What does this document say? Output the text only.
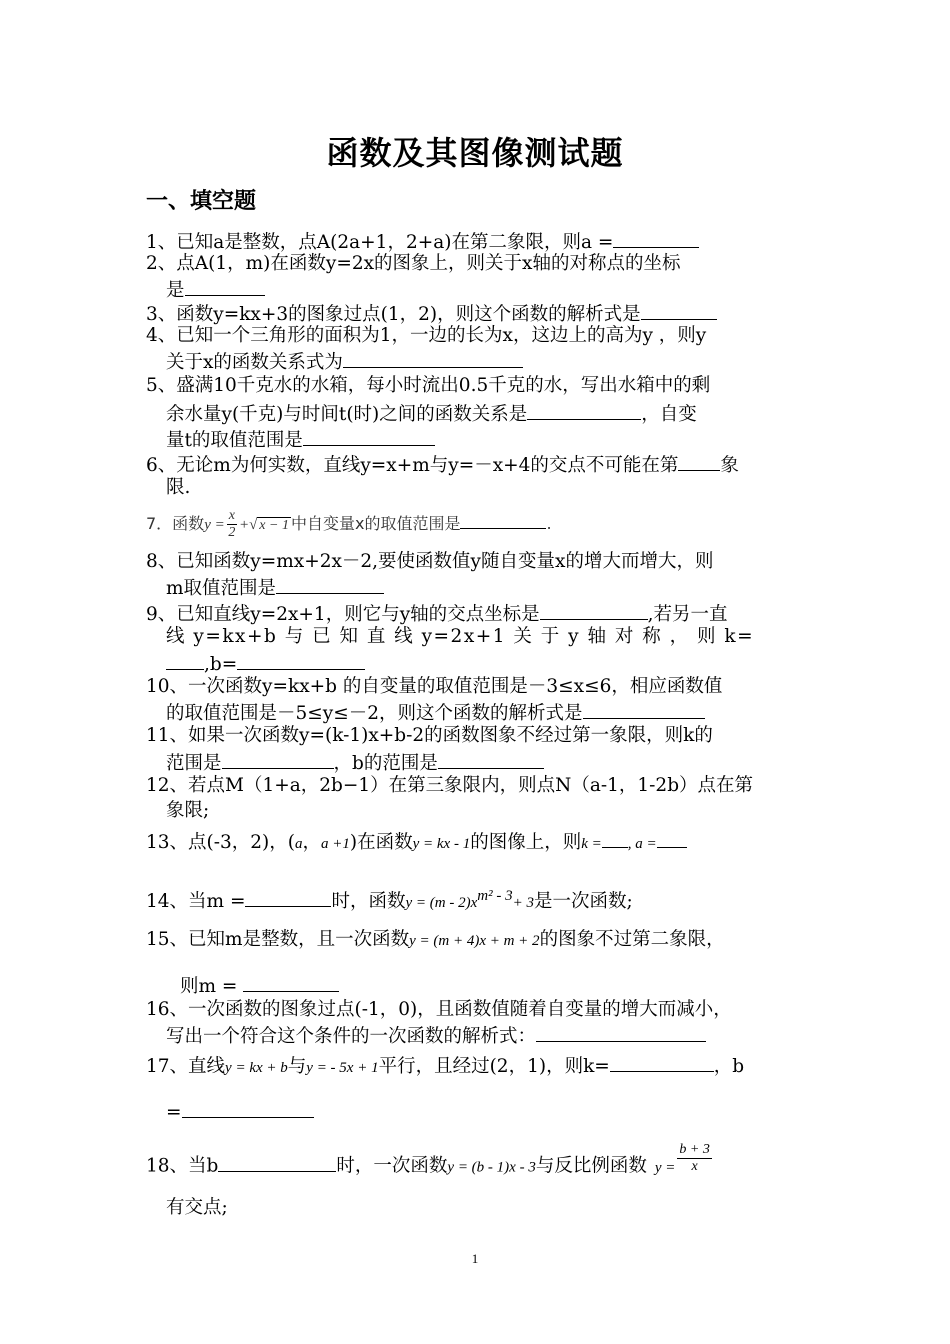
函数及其图像测试题
一、填空题
1、已知a是整数，点A(2a+1，2+a)在第二象限，则a =
2、点A(1，m)在函数y=2x的图象上，则关于x轴的对称点的坐标
是
3、函数y=kx+3的图象过点(1，2)，则这个函数的解析式是
4、已知一个三角形的面积为1，一边的长为x，这边上的高为y ，则y
关于x的函数关系式为
5、盛满10千克水的水箱，每小时流出0.5千克的水，写出水箱中的剩
余水量y(千克)与时间t(时)之间的函数关系是	，自变
量t的取值范围是
6、无论m为何实数，直线y=x+m与y=－x+4的交点不可能在第 象
限.
7．函数$y = \frac{x}{2}$ +√ x − 1 中自变量x的取值范围是	.
8、已知函数y=mx+2x－2,要使函数值y随自变量x的增大而增大，则
m取值范围是
9、已知直线y=2x+1，则它与y轴的交点坐标是	,若另一直
线 y=kx+b 与 已 知 直 线 y=2x+1 关 于 y 轴 对 称 ， 则 k=
,b=
10、一次函数y=kx+b 的自变量的取值范围是－3≤x≤6，相应函数值
的取值范围是－5≤y≤－2，则这个函数的解析式是
11、如果一次函数y=(k-1)x+b-2的函数图象不经过第一象限，则k的
范围是	，b的范围是
12、若点M（1+a，2b−1）在第三象限内，则点N（a-1，1-2b）点在第
象限;
13、点(-3，2)，(a，a +1)在函数y = kx - 1的图像上，则k = , a =
14、当m =	时，函数$y = (m - 2)x^{m^2 - 3}+ 3$是一次函数;
15、已知m是整数，且一次函数y = (m + 4)x + m + 2的图象不过第二象限，
则m =
16、一次函数的图象过点(-1，0)，且函数值随着自变量的增大而减小，
写出一个符合这个条件的一次函数的解析式：
17、直线y = kx + b与y = - 5x + 1平行，且经过(2，1)，则k=	，b
=
18、当b	时，一次函数y = (b - 1)x - 3与反比例函数 $y = \frac{b + 3}{x}$
有交点;
1
